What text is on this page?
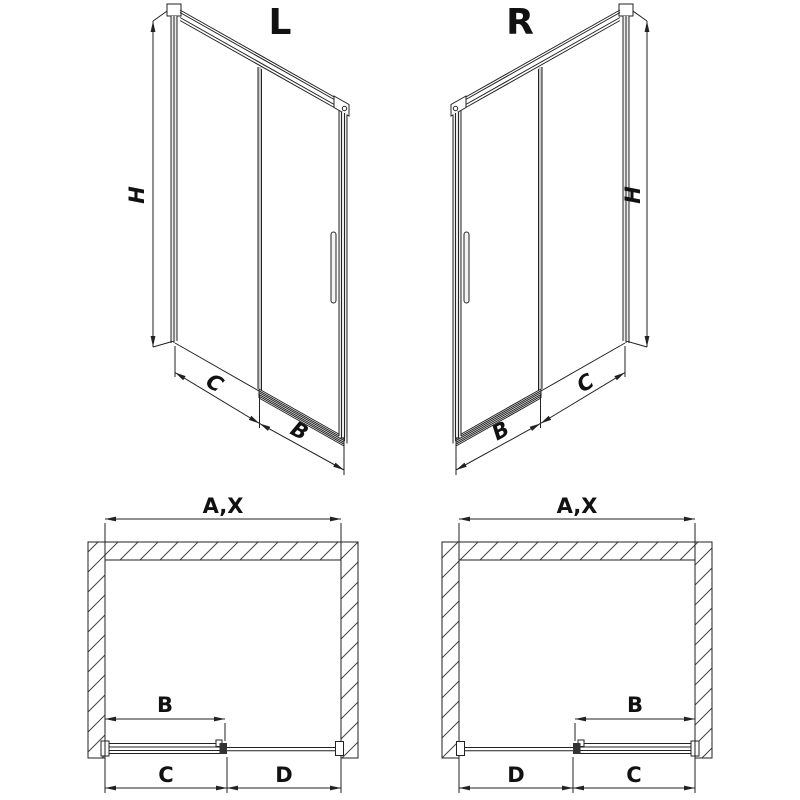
L
H
C
B
R
H
C
B
A,X
B
C	D
A,X
B
D	C
